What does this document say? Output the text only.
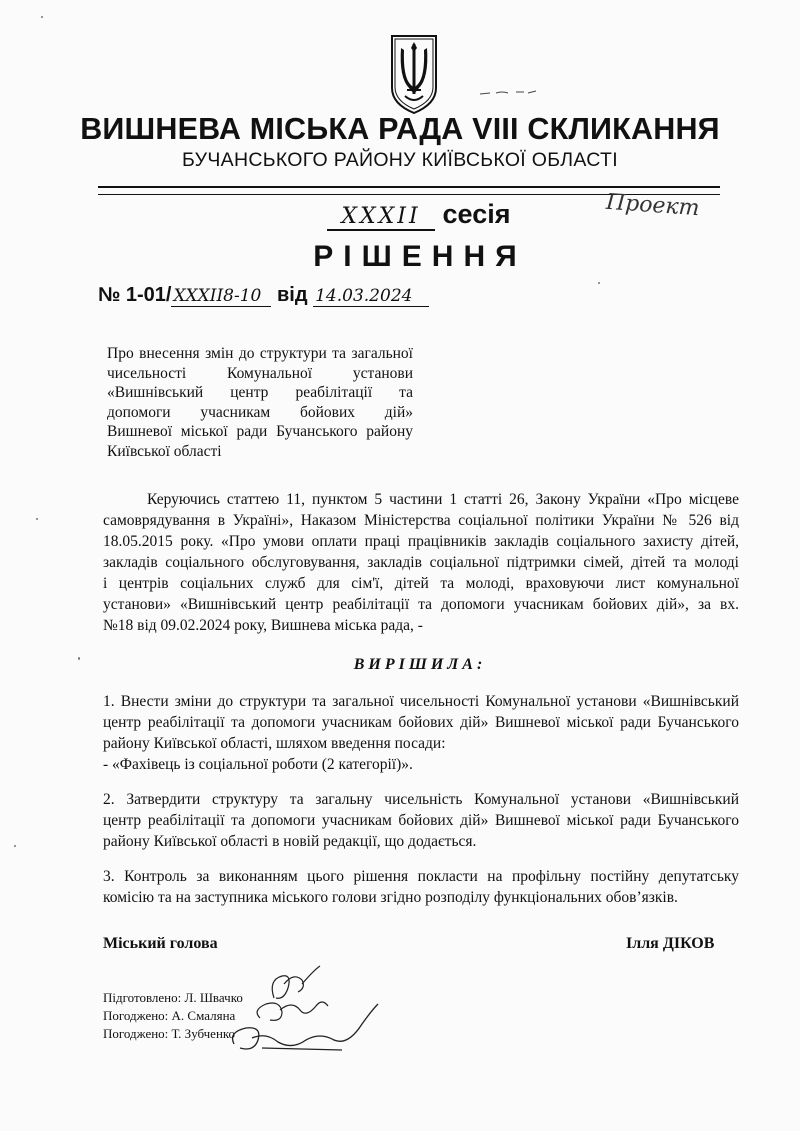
ВИШНЕВА МІСЬКА РАДА VIII СКЛИКАННЯ
БУЧАНСЬКОГО РАЙОНУ КИЇВСЬКОЇ ОБЛАСТІ
XXXII сесія	Проект
РІШЕННЯ
№ 1-01/ XXXII8-10 від 14.03.2024
Про внесення змін до структури та загальної
чисельності Комунальної установи
«Вишнівський центр реабілітації та
допомоги учасникам бойових дій»
Вишневої міської ради Бучанського району
Київської області
Керуючись статтею 11, пунктом 5 частини 1 статті 26, Закону України «Про місцеве
самоврядування в Україні», Наказом Міністерства соціальної політики України № 526 від
18.05.2015 року. «Про умови оплати праці працівників закладів соціального захисту дітей,
закладів соціального обслуговування, закладів соціальної підтримки сімей, дітей та молоді
і центрів соціальних служб для сім'ї, дітей та молоді, враховуючи лист комунальної
установи» «Вишнівський центр реабілітації та допомоги учасникам бойових дій», за вх.
№18 від 09.02.2024 року, Вишнева міська рада, -
ВИРІШИЛА:
1. Внести зміни до структури та загальної чисельності Комунальної установи «Вишнівський
центр реабілітації та допомоги учасникам бойових дій» Вишневої міської ради Бучанського
району Київської області, шляхом введення посади:
- «Фахівець із соціальної роботи (2 категорії)».
2. Затвердити структуру та загальну чисельність Комунальної установи «Вишнівський
центр реабілітації та допомоги учасникам бойових дій» Вишневої міської ради Бучанського
району Київської області в новій редакції, що додається.
3. Контроль за виконанням цього рішення покласти на профільну постійну депутатську
комісію та на заступника міського голови згідно розподілу функціональних обов’язків.
Міський голова	Ілля ДІКОВ
Підготовлено: Л. Швачко
Погоджено: А. Смаляна
Погоджено: Т. Зубченко
